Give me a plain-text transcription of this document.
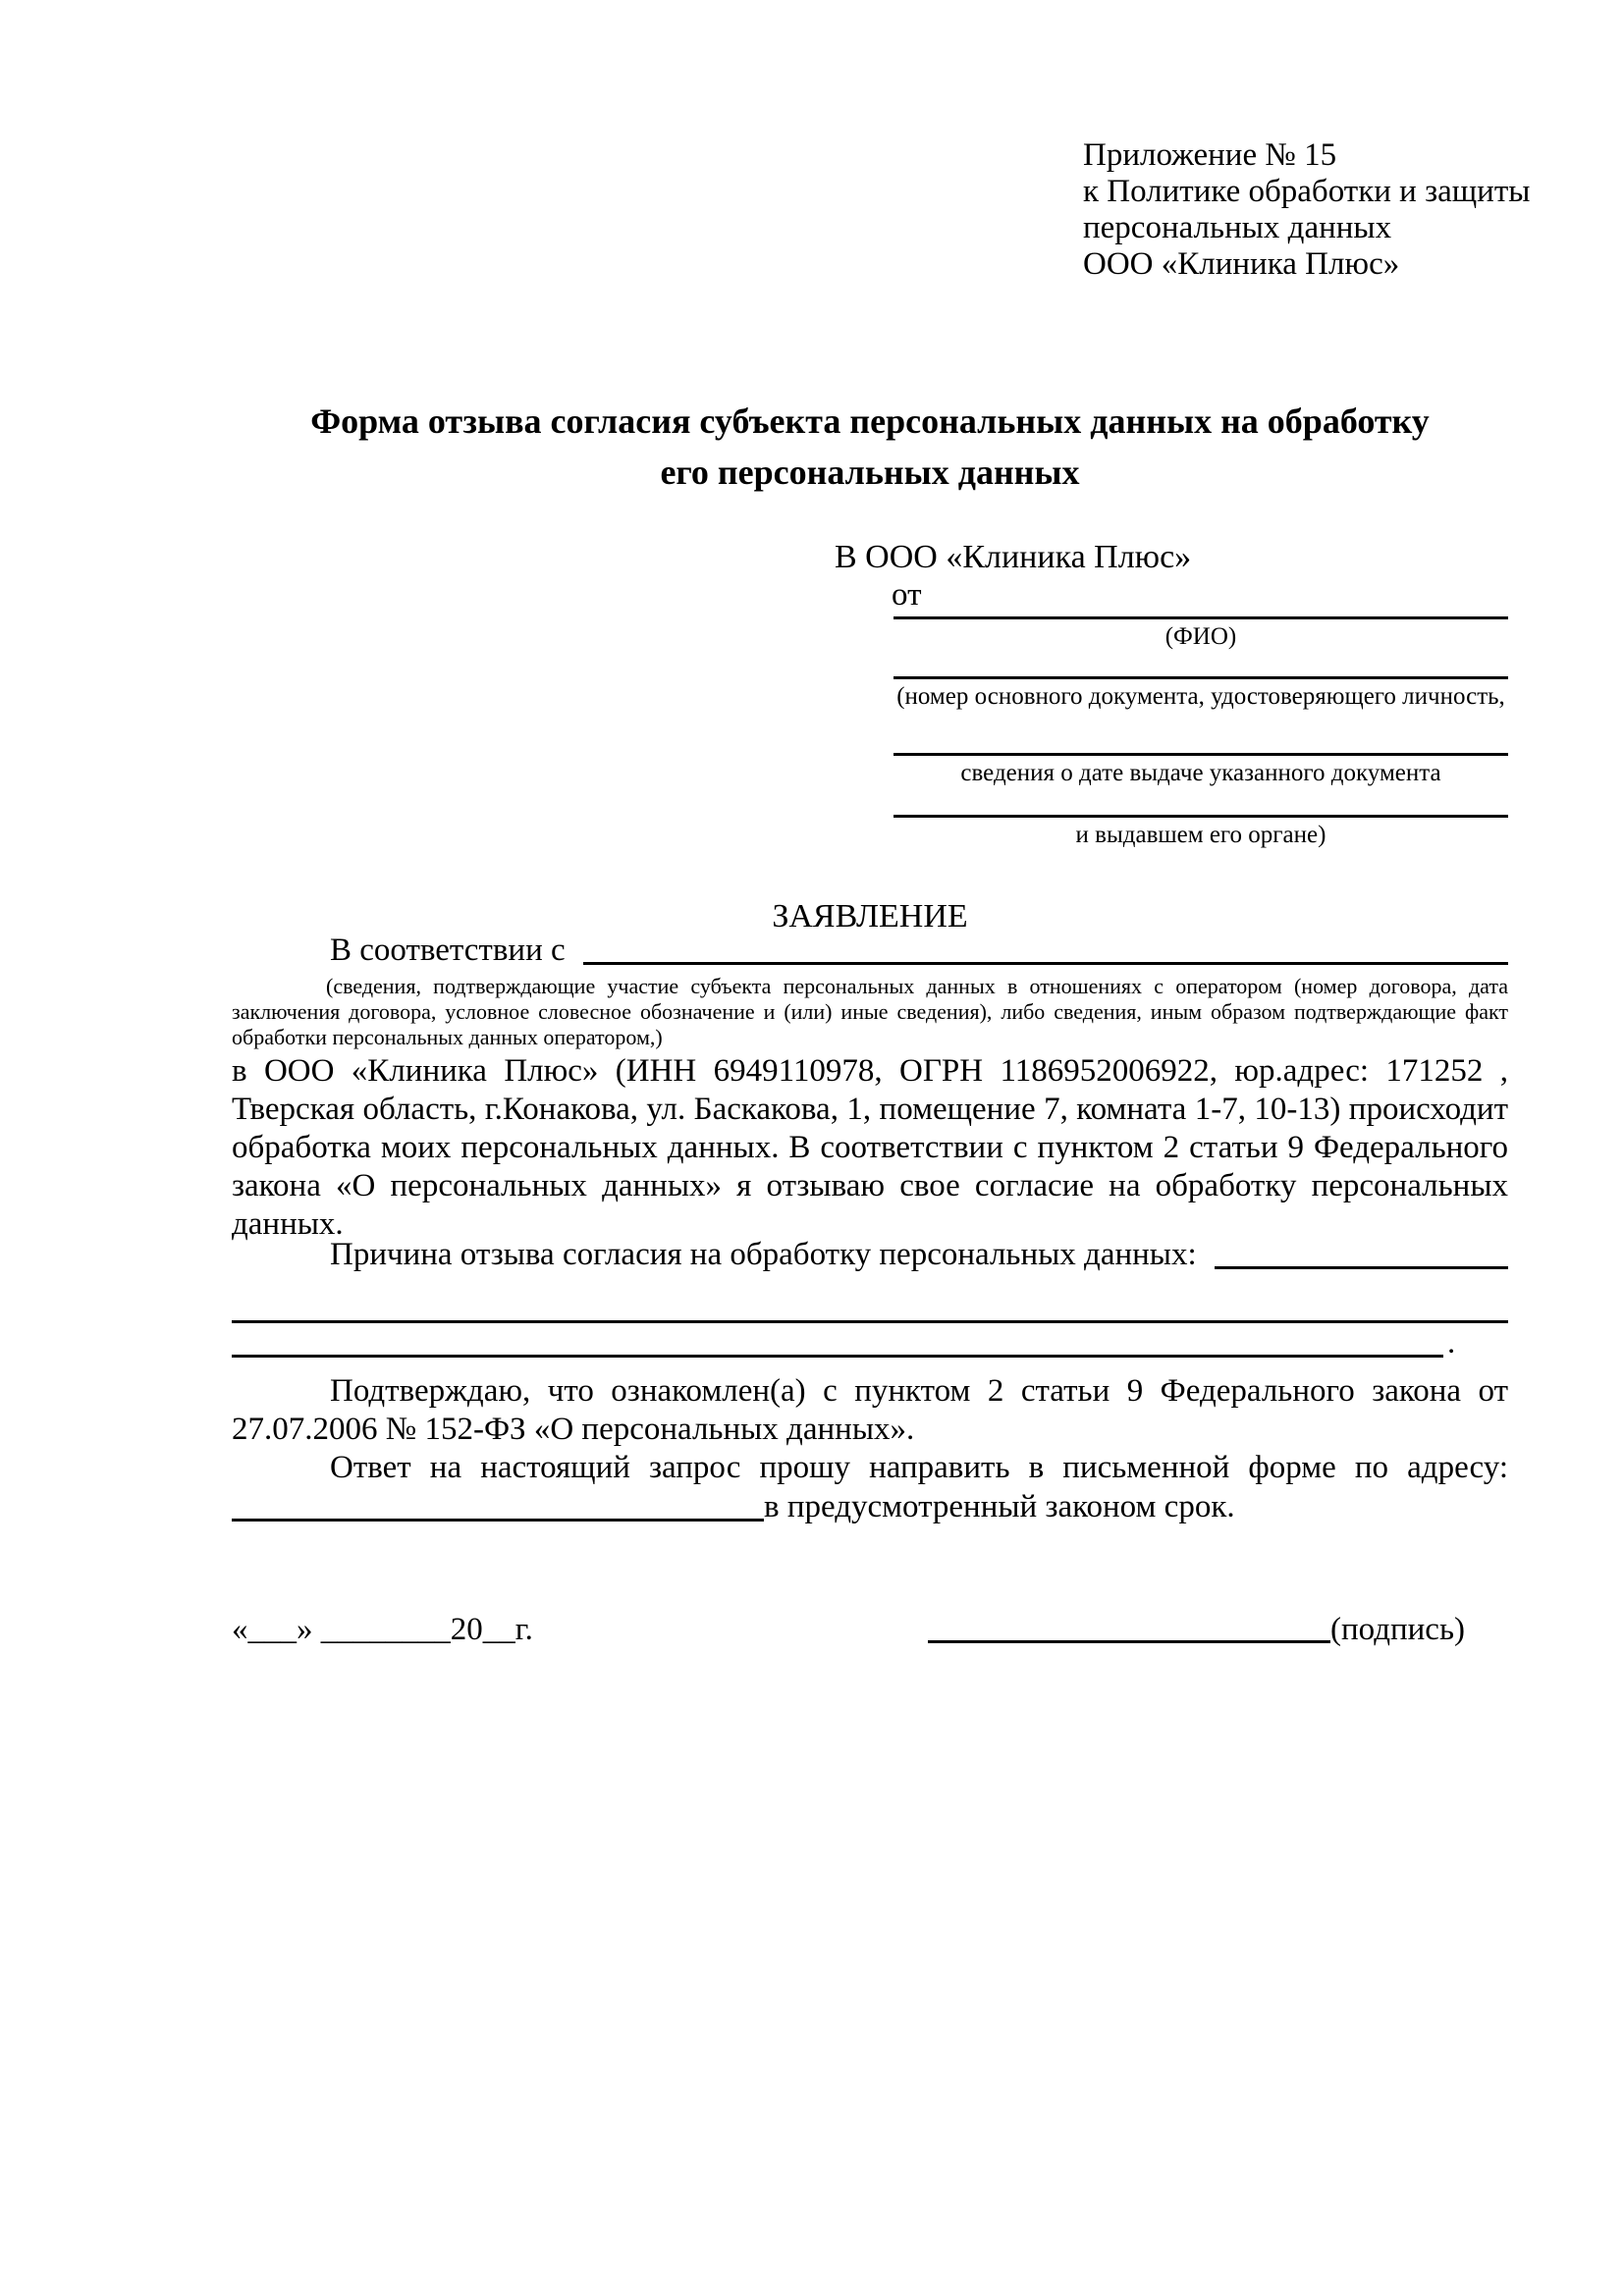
Приложение № 15
к Политике обработки и защиты
персональных данных
ООО «Клиника Плюс»
Форма отзыва согласия субъекта персональных данных на обработку
его персональных данных
В ООО «Клиника Плюс»
от
(ФИО)
(номер основного документа, удостоверяющего личность,
сведения о дате выдаче указанного документа
и выдавшем его органе)
ЗАЯВЛЕНИЕ
В соответствии с
(сведения, подтверждающие участие субъекта персональных данных в отношениях с оператором (номер договора, дата заключения договора, условное словесное обозначение и (или) иные сведения), либо сведения, иным образом подтверждающие факт обработки персональных данных оператором,)
в ООО «Клиника Плюс» (ИНН 6949110978, ОГРН 1186952006922, юр.адрес: 171252 , Тверская область, г.Конакова, ул. Баскакова, 1, помещение 7, комната 1-7, 10-13) происходит обработка моих персональных данных. В соответствии с пунктом 2 статьи 9 Федерального закона «О персональных данных» я отзываю свое согласие на обработку персональных данных.
Причина отзыва согласия на обработку персональных данных:
.
Подтверждаю, что ознакомлен(а) с пунктом 2 статьи 9 Федерального закона от 27.07.2006 № 152-ФЗ «О персональных данных».
Ответ на настоящий запрос прошу направить в письменной форме по адресу:
в предусмотренный законом срок.
«___» ________20__г.	(подпись)
